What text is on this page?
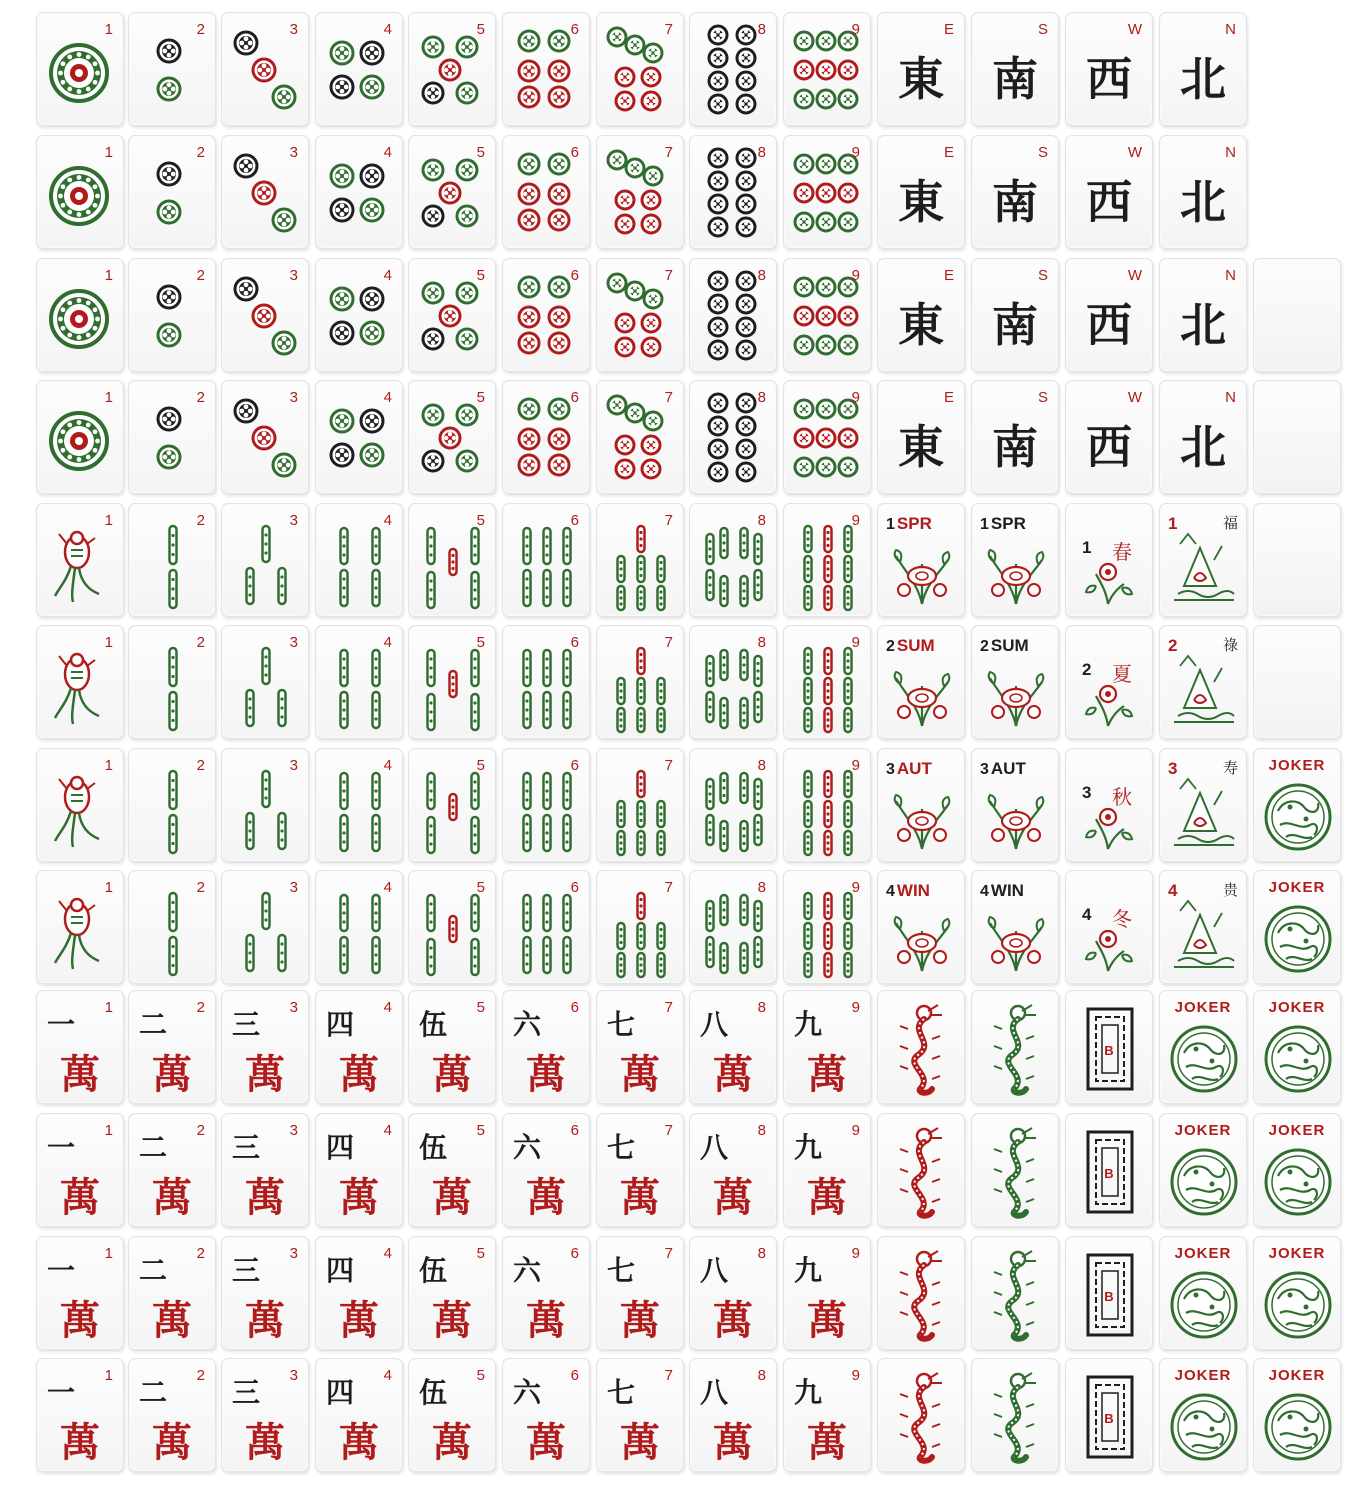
1	2	3	4	5	6	7	8	9
東
E
南
S
西
W
北
N
1	2	3	4	5	6	7	8	9
東
E
南
S
西
W
北
N
1	2	3	4	5	6	7	8	9
東
E
南
S
西
W
北
N
1	2	3	4	5	6	7	8	9
東
E
南
S
西
W
北
N
1	2	3	4	5	6	7	8	9 1 SPR	1 SPR
1 春
1	福
1	2	3	4	5	6	7	8	9 2 SUM	2 SUM
2 夏
2	祿
1	2	3	4	5	6	7	8	9 3 AUT	3 AUT
3 秋
3	寿
1	2	3	4	5	6	7	8	9 4 WIN	4 WIN
4 冬
4	贵
JOKER
JOKER
一
萬
1
二
萬
2
三
萬
3
四
萬
4
伍
萬
5
六
萬
6
七
萬
7
八
萬
8
九
萬
9
B
JOKER	JOKER
一
萬
1
二
萬
2
三
萬
3
四
萬
4
伍
萬
5
六
萬
6
七
萬
7
八
萬
8
九
萬
9
B
JOKER	JOKER
一
萬
1
二
萬
2
三
萬
3
四
萬
4
伍
萬
5
六
萬
6
七
萬
7
八
萬
8
九
萬
9
B
JOKER	JOKER
一
萬
1
二
萬
2
三
萬
3
四
萬
4
伍
萬
5
六
萬
6
七
萬
7
八
萬
8
九
萬
9
B
JOKER	JOKER
